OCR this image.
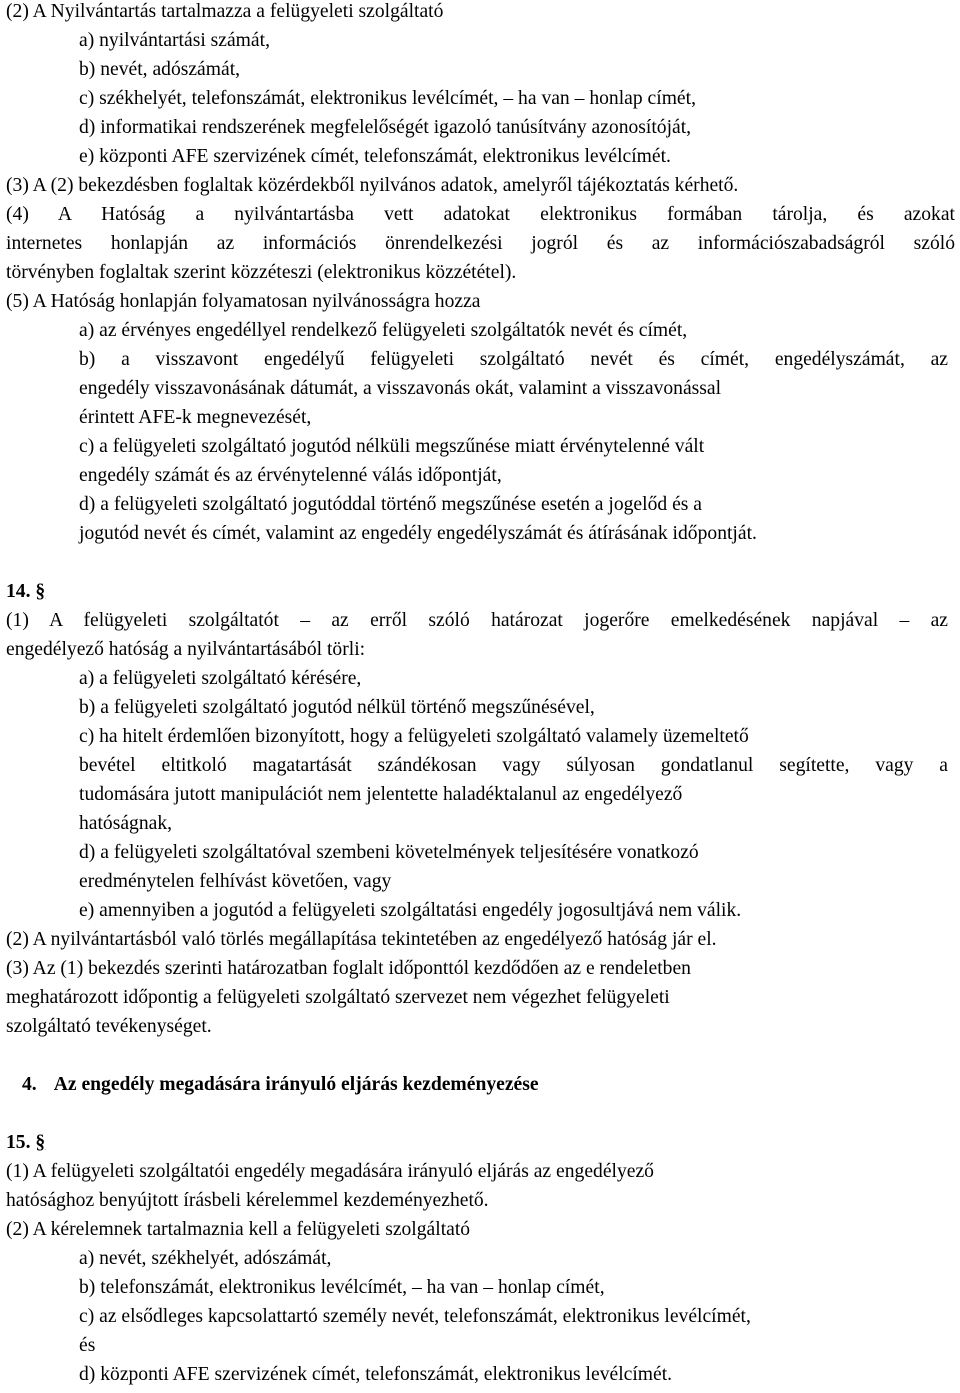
(2) A Nyilvántartás tartalmazza a felügyeleti szolgáltató

a) nyilvántartási számát,

b) nevét, adószámát,

c) székhelyét, telefonszámát, elektronikus levélcímét, – ha van – honlap címét,

d) informatikai rendszerének megfelelőségét igazoló tanúsítvány azonosítóját,

e) központi AFE szervizének címét, telefonszámát, elektronikus levélcímét.

(3) A (2) bekezdésben foglaltak közérdekből nyilvános adatok, amelyről tájékoztatás kérhető.

(4) A Hatóság a nyilvántartásba vett adatokat elektronikus formában tárolja, és azokat

internetes honlapján az információs önrendelkezési jogról és az információszabadságról szóló

törvényben foglaltak szerint közzéteszi (elektronikus közzététel).

(5) A Hatóság honlapján folyamatosan nyilvánosságra hozza

a) az érvényes engedéllyel rendelkező felügyeleti szolgáltatók nevét és címét,

b) a visszavont engedélyű felügyeleti szolgáltató nevét és címét, engedélyszámát, az

engedély visszavonásának dátumát, a visszavonás okát, valamint a visszavonással

érintett AFE-k megnevezését,

c) a felügyeleti szolgáltató jogutód nélküli megszűnése miatt érvénytelenné vált

engedély számát és az érvénytelenné válás időpontját,

d) a felügyeleti szolgáltató jogutóddal történő megszűnése esetén a jogelőd és a

jogutód nevét és címét, valamint az engedély engedélyszámát és átírásának időpontját.

14. §

(1) A felügyeleti szolgáltatót – az erről szóló határozat jogerőre emelkedésének napjával – az

engedélyező hatóság a nyilvántartásából törli:

a) a felügyeleti szolgáltató kérésére,

b) a felügyeleti szolgáltató jogutód nélkül történő megszűnésével,

c) ha hitelt érdemlően bizonyított, hogy a felügyeleti szolgáltató valamely üzemeltető

bevétel eltitkoló magatartását szándékosan vagy súlyosan gondatlanul segítette, vagy a

tudomására jutott manipulációt nem jelentette haladéktalanul az engedélyező

hatóságnak,

d) a felügyeleti szolgáltatóval szembeni követelmények teljesítésére vonatkozó

eredménytelen felhívást követően, vagy

e) amennyiben a jogutód a felügyeleti szolgáltatási engedély jogosultjává nem válik.

(2) A nyilvántartásból való törlés megállapítása tekintetében az engedélyező hatóság jár el.

(3) Az (1) bekezdés szerinti határozatban foglalt időponttól kezdődően az e rendeletben

meghatározott időpontig a felügyeleti szolgáltató szervezet nem végezhet felügyeleti

szolgáltató tevékenységet.

4. Az engedély megadására irányuló eljárás kezdeményezése

15. §

(1) A felügyeleti szolgáltatói engedély megadására irányuló eljárás az engedélyező

hatósághoz benyújtott írásbeli kérelemmel kezdeményezhető.

(2) A kérelemnek tartalmaznia kell a felügyeleti szolgáltató

a) nevét, székhelyét, adószámát,

b) telefonszámát, elektronikus levélcímét, – ha van – honlap címét,

c) az elsődleges kapcsolattartó személy nevét, telefonszámát, elektronikus levélcímét,

és

d) központi AFE szervizének címét, telefonszámát, elektronikus levélcímét.
